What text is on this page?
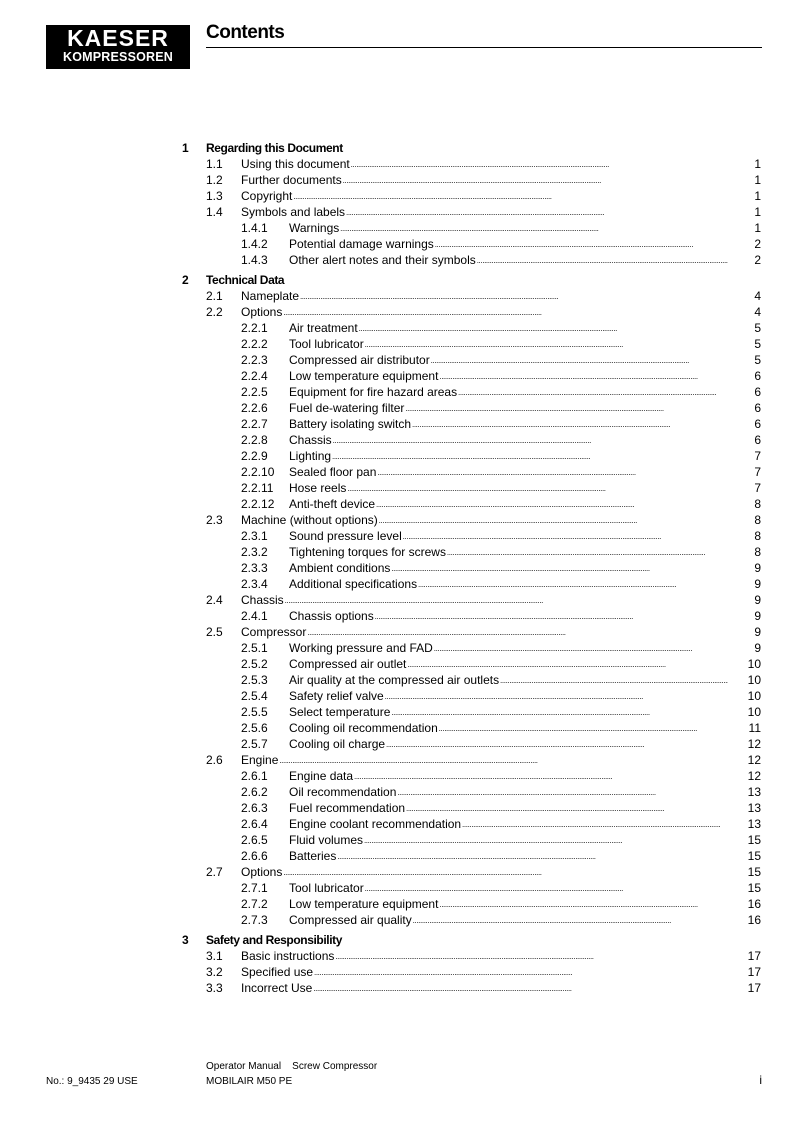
KAESER
KOMPRESSOREN
Contents
1 Regarding this Document
1.1 Using this document . . .	1
1.2 Further documents . . .	1
1.3 Copyright . . .	1
1.4 Symbols and labels . . .	1
1.4.1 Warnings . . .	1
1.4.2 Potential damage warnings . . .	2
1.4.3 Other alert notes and their symbols . . .	2
2 Technical Data
2.1 Nameplate . . .	4
2.2 Options . . .	4
2.2.1 Air treatment . . .	5
2.2.2 Tool lubricator . . .	5
2.2.3 Compressed air distributor . . .	5
2.2.4 Low temperature equipment . . .	6
2.2.5 Equipment for fire hazard areas . . .	6
2.2.6 Fuel de-watering filter . . .	6
2.2.7 Battery isolating switch . . .	6
2.2.8 Chassis . . .	6
2.2.9 Lighting . . .	7
2.2.10 Sealed floor pan . . .	7
2.2.11 Hose reels . . .	7
2.2.12 Anti-theft device . . .	8
2.3 Machine (without options) . . .	8
2.3.1 Sound pressure level . . .	8
2.3.2 Tightening torques for screws . . .	8
2.3.3 Ambient conditions . . .	9
2.3.4 Additional specifications . . .	9
2.4 Chassis . . .	9
2.4.1 Chassis options . . .	9
2.5 Compressor . . .	9
2.5.1 Working pressure and FAD . . .	9
2.5.2 Compressed air outlet . . .	10
2.5.3 Air quality at the compressed air outlets . . .	10
2.5.4 Safety relief valve . . .	10
2.5.5 Select temperature . . .	10
2.5.6 Cooling oil recommendation . . .	11
2.5.7 Cooling oil charge . . .	12
2.6 Engine . . .	12
2.6.1 Engine data . . .	12
2.6.2 Oil recommendation . . .	13
2.6.3 Fuel recommendation . . .	13
2.6.4 Engine coolant recommendation . . .	13
2.6.5 Fluid volumes . . .	15
2.6.6 Batteries . . .	15
2.7 Options . . .	15
2.7.1 Tool lubricator . . .	15
2.7.2 Low temperature equipment . . .	16
2.7.3 Compressed air quality . . .	16
3 Safety and Responsibility
3.1 Basic instructions . . .	17
3.2 Specified use . . .	17
3.3 Incorrect Use . . .	17
No.: 9_9435 29 USE
Operator Manual Screw Compressor
MOBILAIR M50 PE	i
